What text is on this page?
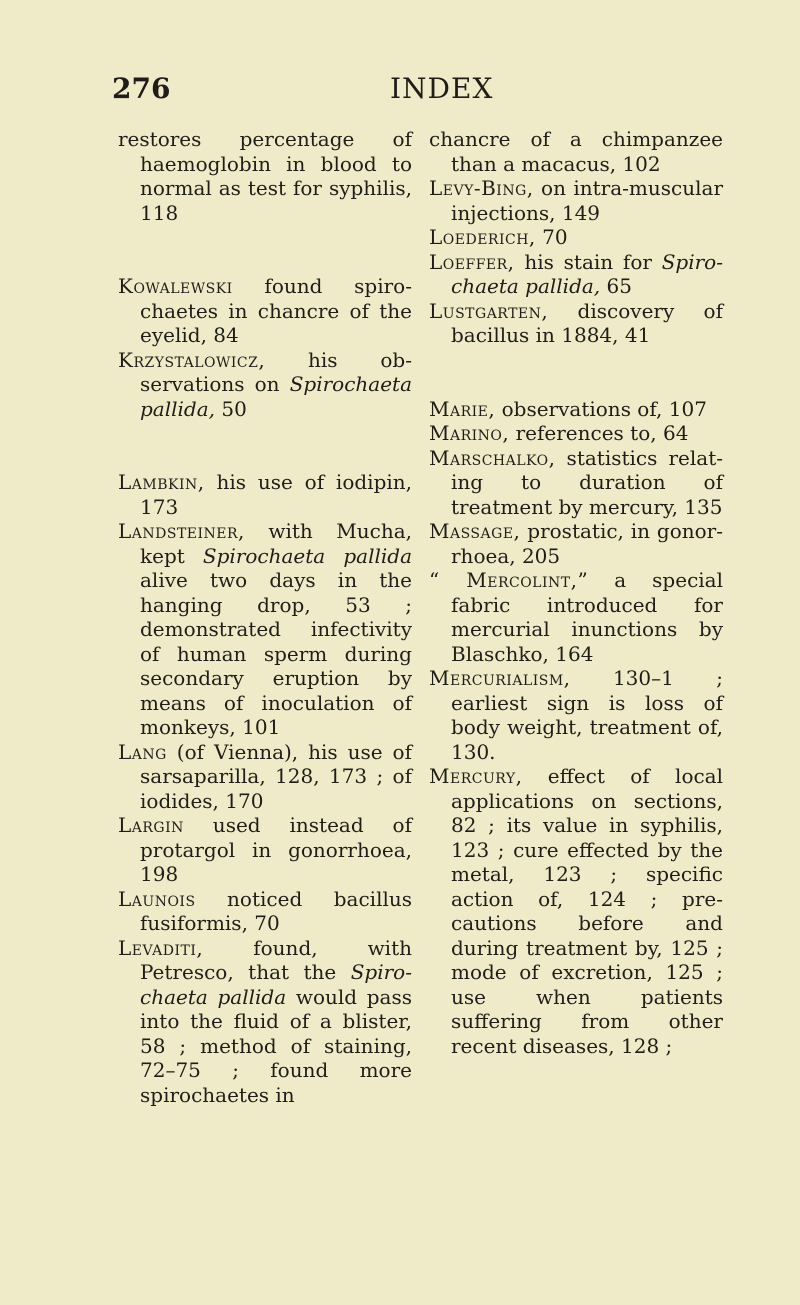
276	INDEX

restores percentage of haemoglobin in blood to normal as test for syphilis, 118

Kowalewski found spirochaetes in chancre of the eyelid, 84

Krzystalowicz, his observations on Spirochaeta pallida, 50

Lambkin, his use of iodipin, 173

Landsteiner, with Mucha, kept Spirochaeta pallida alive two days in the hanging drop, 53 ; demonstrated infectivity of human sperm during secondary eruption by means of inoculation of monkeys, 101

Lang (of Vienna), his use of sarsaparilla, 128, 173 ; of iodides, 170

Largin used instead of protargol in gonorrhoea, 198

Launois noticed bacillus fusiformis, 70

Levaditi, found, with Petresco, that the Spirochaeta pallida would pass into the fluid of a blister, 58 ; method of staining, 72–75 ; found more spirochaetes in

chancre of a chimpanzee than a macacus, 102

Levy-Bing, on intra-muscular injections, 149

Loederich, 70

Loeffer, his stain for Spirochaeta pallida, 65

Lustgarten, discovery of bacillus in 1884, 41

Marie, observations of, 107

Marino, references to, 64

Marschalko, statistics relating to duration of treatment by mercury, 135

Massage, prostatic, in gonorrhoea, 205

“ Mercolint,” a special fabric introduced for mercurial inunctions by Blaschko, 164

Mercurialism, 130–1 ; earliest sign is loss of body weight, treatment of, 130.

Mercury, effect of local applications on sections, 82 ; its value in syphilis, 123 ; cure effected by the metal, 123 ; specific action of, 124 ; precautions before and during treatment by, 125 ; mode of excretion, 125 ; use when patients suffering from other recent diseases, 128 ;
